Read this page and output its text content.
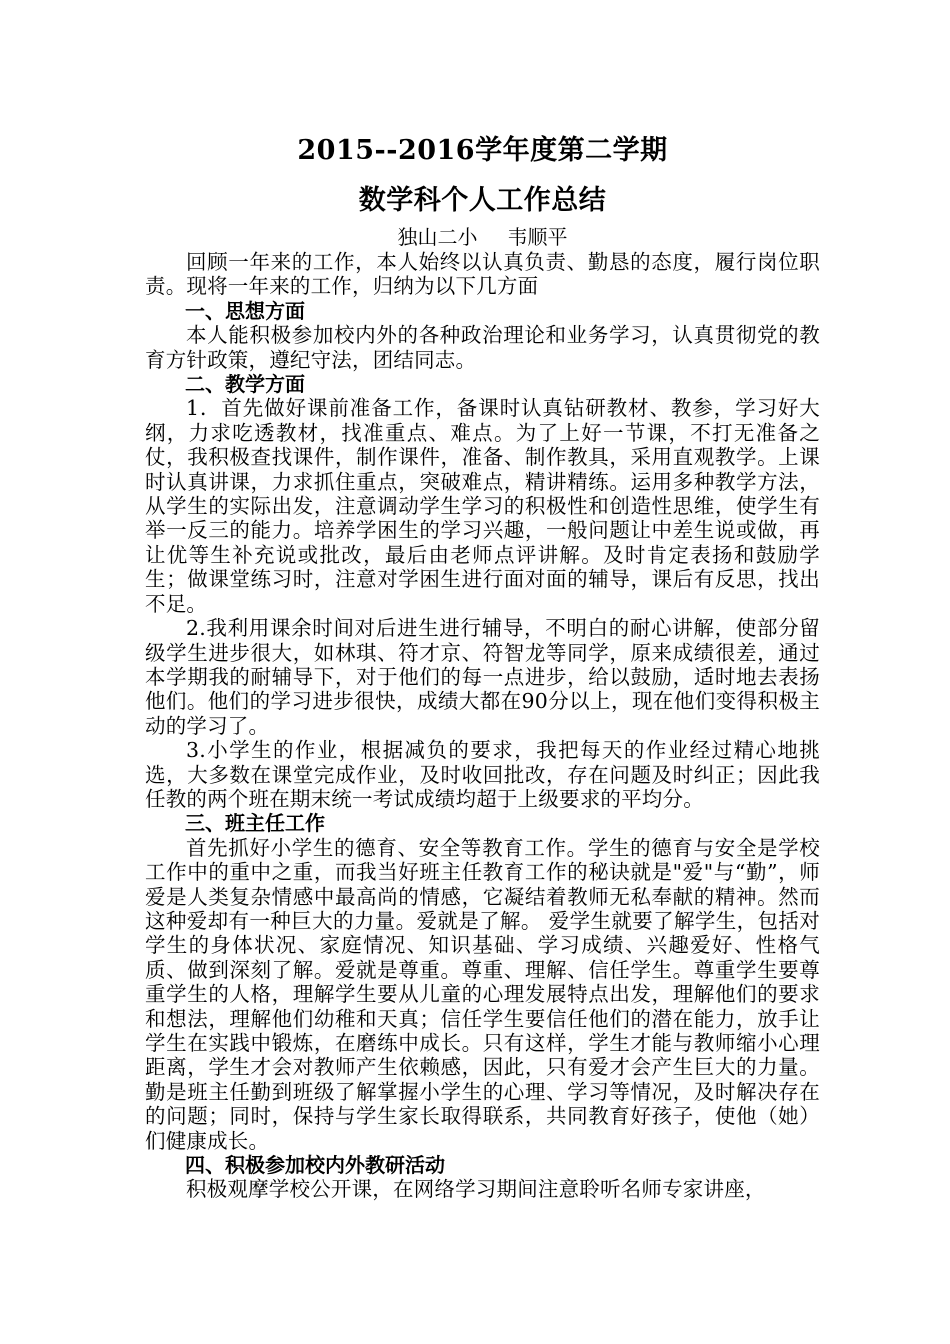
2015--2016学年度第二学期
数学科个人工作总结
独山二小 韦顺平

回顾一年来的工作，本人始终以认真负责、勤恳的态度，履行岗位职责。现将一年来的工作，归纳为以下几方面

一、思想方面

本人能积极参加校内外的各种政治理论和业务学习，认真贯彻党的教育方针政策，遵纪守法，团结同志。

二、教学方面

1．首先做好课前准备工作，备课时认真钻研教材、教参，学习好大纲，力求吃透教材，找准重点、难点。为了上好一节课，不打无准备之仗，我积极查找课件，制作课件，准备、制作教具，采用直观教学。上课时认真讲课，力求抓住重点，突破难点，精讲精练。运用多种教学方法，从学生的实际出发，注意调动学生学习的积极性和创造性思维，使学生有举一反三的能力。培养学困生的学习兴趣，一般问题让中差生说或做，再让优等生补充说或批改，最后由老师点评讲解。及时肯定表扬和鼓励学生；做课堂练习时，注意对学困生进行面对面的辅导，课后有反思，找出不足。

2.我利用课余时间对后进生进行辅导，不明白的耐心讲解，使部分留级学生进步很大，如林琪、符才京、符智龙等同学，原来成绩很差，通过本学期我的耐辅导下，对于他们的每一点进步，给以鼓励，适时地去表扬他们。他们的学习进步很快，成绩大都在90分以上，现在他们变得积极主动的学习了。

3.小学生的作业，根据减负的要求，我把每天的作业经过精心地挑选，大多数在课堂完成作业，及时收回批改，存在问题及时纠正；因此我任教的两个班在期末统一考试成绩均超于上级要求的平均分。

三、班主任工作

首先抓好小学生的德育、安全等教育工作。学生的德育与安全是学校工作中的重中之重，而我当好班主任教育工作的秘诀就是"爱"与“勤”，师爱是人类复杂情感中最高尚的情感，它凝结着教师无私奉献的精神。然而这种爱却有一种巨大的力量。爱就是了解。 爱学生就要了解学生，包括对学生的身体状况、家庭情况、知识基础、学习成绩、兴趣爱好、性格气质、做到深刻了解。爱就是尊重。尊重、理解、信任学生。尊重学生要尊重学生的人格，理解学生要从儿童的心理发展特点出发，理解他们的要求和想法，理解他们幼稚和天真；信任学生要信任他们的潜在能力，放手让学生在实践中锻炼，在磨练中成长。只有这样，学生才能与教师缩小心理距离，学生才会对教师产生依赖感，因此，只有爱才会产生巨大的力量。勤是班主任勤到班级了解掌握小学生的心理、学习等情况，及时解决存在的问题；同时，保持与学生家长取得联系，共同教育好孩子，使他（她）们健康成长。

四、积极参加校内外教研活动

积极观摩学校公开课，在网络学习期间注意聆听名师专家讲座，
